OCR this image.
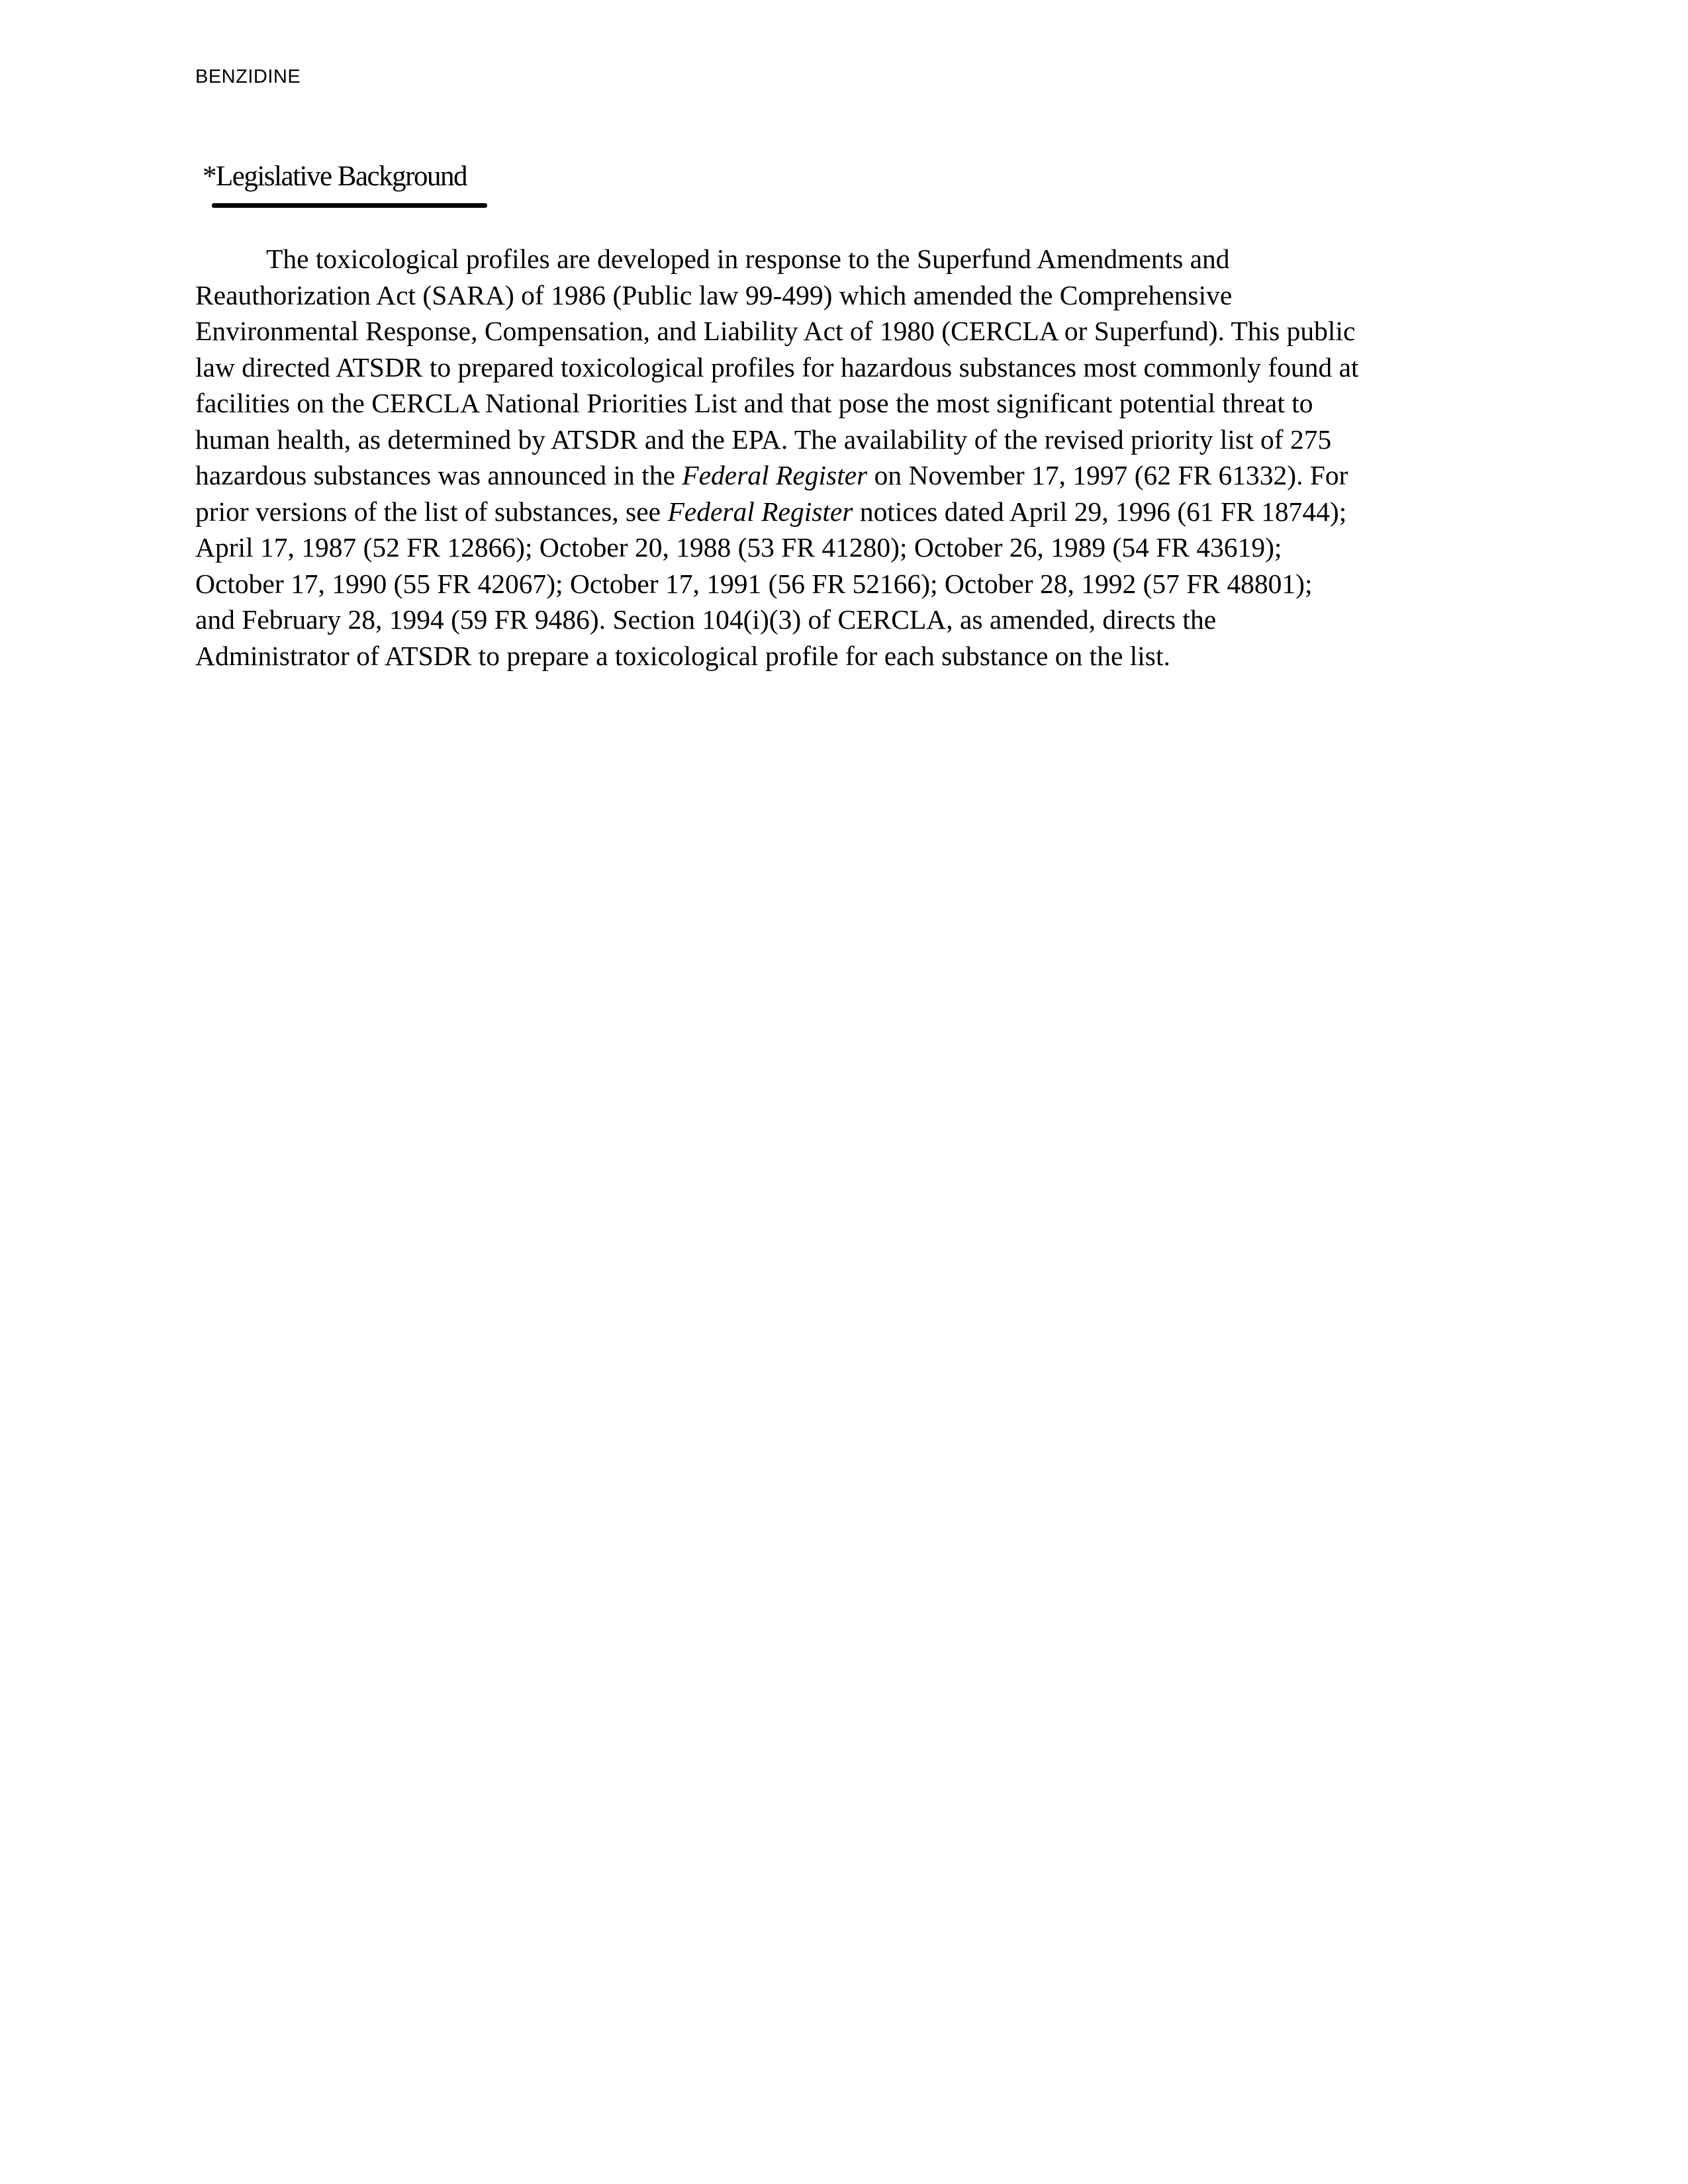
BENZIDINE
*Legislative Background
The toxicological profiles are developed in response to the Superfund Amendments and
Reauthorization Act (SARA) of 1986 (Public law 99-499) which amended the Comprehensive
Environmental Response, Compensation, and Liability Act of 1980 (CERCLA or Superfund). This public
law directed ATSDR to prepared toxicological profiles for hazardous substances most commonly found at
facilities on the CERCLA National Priorities List and that pose the most significant potential threat to
human health, as determined by ATSDR and the EPA. The availability of the revised priority list of 275
hazardous substances was announced in the Federal Register on November 17, 1997 (62 FR 61332). For
prior versions of the list of substances, see Federal Register notices dated April 29, 1996 (61 FR 18744);
April 17, 1987 (52 FR 12866); October 20, 1988 (53 FR 41280); October 26, 1989 (54 FR 43619);
October 17, 1990 (55 FR 42067); October 17, 1991 (56 FR 52166); October 28, 1992 (57 FR 48801);
and February 28, 1994 (59 FR 9486). Section 104(i)(3) of CERCLA, as amended, directs the
Administrator of ATSDR to prepare a toxicological profile for each substance on the list.
